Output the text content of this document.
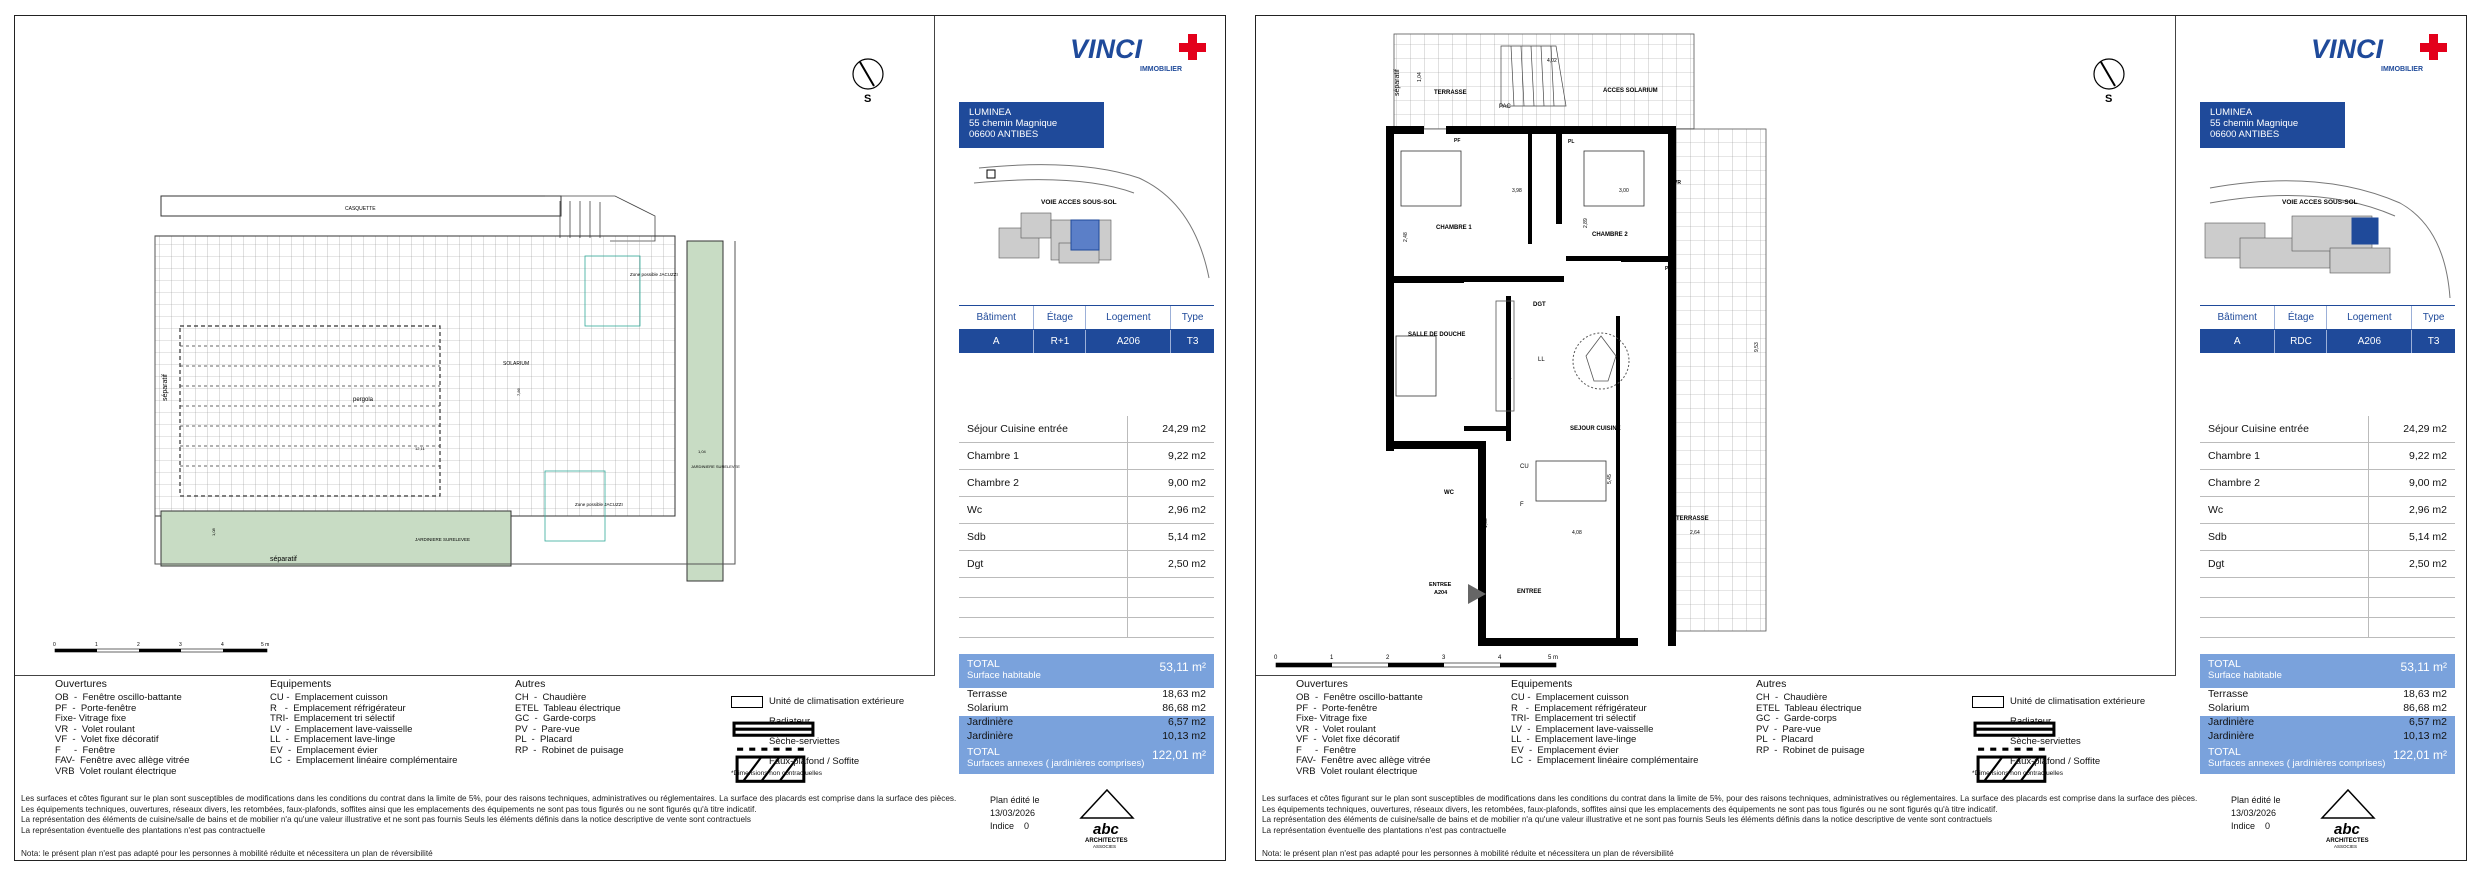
CASQUETTE
pergola
Zone possible JACUZZI
Zone possible JACUZZI
JARDINIERE SURELEVEE
JARDINIERE SURELEVEE
SOLARIUM
séparatif
séparatif
1,08
7,86
12,11
1,04
0	1	2	3	4	5 m
S
VINCI
IMMOBILIER
LUMINEA
55 chemin Magnique
06600 ANTIBES
VOIE ACCES SOUS-SOL
Bâtiment	Étage	Logement	Type
A	R+1	A206	T3
Séjour Cuisine entrée	24,29 m2
Chambre 1	9,22 m2
Chambre 2	9,00 m2
Wc	2,96 m2
Sdb	5,14 m2
Dgt	2,50 m2

TOTAL
Surface habitable
53,11 m²
Terrasse	18,63 m2
Solarium	86,68 m2
Jardinière	6,57 m2
Jardinière	10,13 m2
TOTAL
Surfaces annexes ( jardinières comprises)
122,01 m²
Ouvertures
OB  -  Fenêtre oscillo-battante
PF  -  Porte-fenêtre
Fixe- Vitrage fixe
VR  -  Volet roulant
VF  -  Volet fixe décoratif
F     -  Fenêtre
FAV-  Fenêtre avec allège vitrée
VRB  Volet roulant électrique
Equipements
CU -  Emplacement cuisson
R   -  Emplacement réfrigérateur
TRI-  Emplacement tri sélectif
LV  -  Emplacement lave-vaisselle
LL  -  Emplacement lave-linge
EV  -  Emplacement évier
LC  -  Emplacement linéaire complémentaire
Autres
CH  -  Chaudière
ETEL  Tableau électrique
GC  -  Garde-corps
PV  -  Pare-vue
PL  -  Placard
RP  -  Robinet de puisage
Unité de climatisation extérieure
Radiateur
Sèche-serviettes
Faux-plafond / Soffite
*Dimensions non contractuelles
Les surfaces et côtes figurant sur le plan sont susceptibles de modifications dans les conditions du contrat dans la limite de 5%, pour des raisons techniques, administratives ou réglementaires. La surface des placards est comprise dans la surface des pièces.
Les équipements techniques, ouvertures, réseaux divers, les retombées, faux-plafonds, soffites ainsi que les emplacements des équipements ne sont pas tous figurés ou ne sont figurés qu'à titre indicatif.
La représentation des éléments de cuisine/salle de bains et de mobilier n'a qu'une valeur illustrative et ne sont pas fournis Seuls les éléments définis dans la notice descriptive de vente sont contractuels
La représentation éventuelle des plantations n'est pas contractuelle
Nota: le présent plan n'est pas adapté pour les personnes à mobilité réduite et nécessitera un plan de réversibilité
Plan édité le
13/03/2026
Indice 0	abc
ARCHITECTES
ASSOCIES
séparatif	TERRASSE	ACCES SOLARIUM
PAC
4,02
1,04
PF
VR
PL
CHAMBRE 1
CHAMBRE 2
DGT
SALLE DE DOUCHE
LL
CU
F
WC
SEJOUR CUISINE
TERRASSE
ENTREE
ENTREE
A204
VR
PF
3,98	3,00
2,48
2,89
5,45
4,08	2,64
9,53
1,58
2,09
0	1	2	3	4	5 m
S
VINCI
IMMOBILIER
LUMINEA
55 chemin Magnique
06600 ANTIBES
VOIE ACCES SOUS-SOL
Bâtiment	Étage	Logement	Type
A	RDC	A206	T3
Séjour Cuisine entrée	24,29 m2
Chambre 1	9,22 m2
Chambre 2	9,00 m2
Wc	2,96 m2
Sdb	5,14 m2
Dgt	2,50 m2

TOTAL
Surface habitable
53,11 m²
Terrasse	18,63 m2
Solarium	86,68 m2
Jardinière	6,57 m2
Jardinière	10,13 m2
TOTAL
Surfaces annexes ( jardinières comprises)
122,01 m²
Ouvertures
OB  -  Fenêtre oscillo-battante
PF  -  Porte-fenêtre
Fixe- Vitrage fixe
VR  -  Volet roulant
VF  -  Volet fixe décoratif
F     -  Fenêtre
FAV-  Fenêtre avec allège vitrée
VRB  Volet roulant électrique
Equipements
CU -  Emplacement cuisson
R   -  Emplacement réfrigérateur
TRI-  Emplacement tri sélectif
LV  -  Emplacement lave-vaisselle
LL  -  Emplacement lave-linge
EV  -  Emplacement évier
LC  -  Emplacement linéaire complémentaire
Autres
CH  -  Chaudière
ETEL  Tableau électrique
GC  -  Garde-corps
PV  -  Pare-vue
PL  -  Placard
RP  -  Robinet de puisage
Unité de climatisation extérieure
Radiateur
Sèche-serviettes
Faux-plafond / Soffite
*Dimensions non contractuelles
Les surfaces et côtes figurant sur le plan sont susceptibles de modifications dans les conditions du contrat dans la limite de 5%, pour des raisons techniques, administratives ou réglementaires. La surface des placards est comprise dans la surface des pièces.
Les équipements techniques, ouvertures, réseaux divers, les retombées, faux-plafonds, soffites ainsi que les emplacements des équipements ne sont pas tous figurés ou ne sont figurés qu'à titre indicatif.
La représentation des éléments de cuisine/salle de bains et de mobilier n'a qu'une valeur illustrative et ne sont pas fournis Seuls les éléments définis dans la notice descriptive de vente sont contractuels
La représentation éventuelle des plantations n'est pas contractuelle
Nota: le présent plan n'est pas adapté pour les personnes à mobilité réduite et nécessitera un plan de réversibilité
Plan édité le
13/03/2026
Indice 0	abc
ARCHITECTES
ASSOCIES
